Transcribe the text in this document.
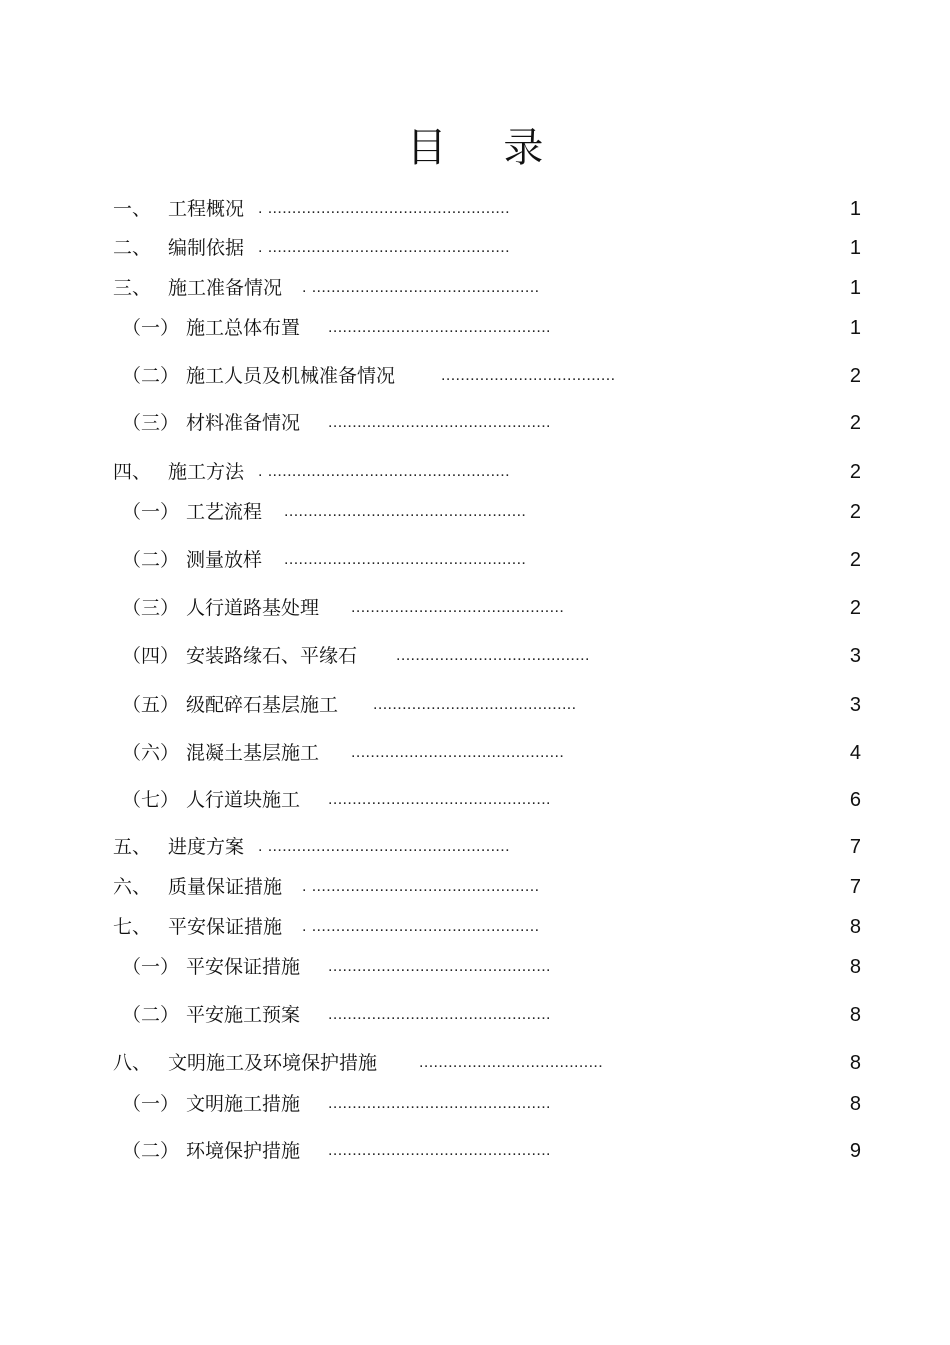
目 录
一、 工程概况 . ..................................................	1
二、 编制依据 . ..................................................	1
三、 施工准备情况 . ...............................................	1
（一） 施工总体布置 ..............................................	1
（二） 施工人员及机械准备情况	....................................	2
（三） 材料准备情况 ..............................................	2
四、 施工方法 . ..................................................	2
（一） 工艺流程 ..................................................	2
（二） 测量放样 ..................................................	2
（三） 人行道路基处理 ............................................	2
（四） 安装路缘石、平缘石 ........................................	3
（五） 级配碎石基层施工 ..........................................	3
（六） 混凝土基层施工 ............................................	4
（七） 人行道块施工 ..............................................	6
五、 进度方案 . ..................................................	7
六、 质量保证措施 . ...............................................	7
七、 平安保证措施 . ...............................................	8
（一） 平安保证措施 ..............................................	8
（二） 平安施工预案 ..............................................	8
八、 文明施工及环境保护措施	......................................	8
（一） 文明施工措施 ..............................................	8
（二） 环境保护措施 ..............................................	9
